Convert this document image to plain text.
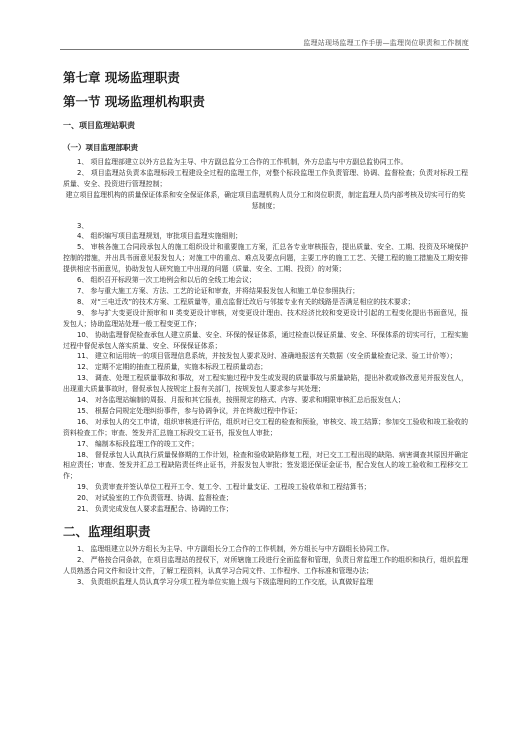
监理站现场监理工作手册—监理岗位职责和工作制度
第七章 现场监理职责
第一节 现场监理机构职责
一、项目监理站职责
（一）项目监理部职责

1、 项目监理部建立以外方总监为主导、中方副总监分工合作的工作机制，外方总监与中方副总监协同工作。

2、 项目监理站负责本监理标段工程建设全过程的监理工作，对整个标段监理工作负责管理、协调、监督检查；负责对标段工程质量、安全、投资进行管理控制；

建立项目监理机构的质量保证体系和安全保证体系，确定项目监理机构人员分工和岗位职责，制定监理人员内部考核及切实可行的奖惩制度；

3、

4、 组织编写项目监理规划，审批项目监理实施细则；

5、 审核各施工合同段承包人的施工组织设计和重要施工方案，汇总各专业审核报告，提出质量、安全、工期、投资及环境保护控制的措施，并出具书面意见报发包人；对施工中的重点、难点及要点问题，主要工序的施工工艺、关键工程的施工措施及工期安排提供相应书面意见，协助发包人研究施工中出现的问题（质量、安全、工期、投资）的对策；

6、 组织召开标段第一次工地例会和以后的全线工地会议；

7、 参与重大施工方案、方法、工艺的论证和审查，并将结果报发包人和施工单位参照执行；

8、 对“三电迁改”的技术方案、工程质量等，重点监督迁改后与邻接专业有关的线路是否满足相应的技术要求；

9、 参与扩大变更设计预审和 II 类变更设计审核，对变更设计理由、技术经济比较和变更设计引起的工程变化提出书面意见，报发包人；协助监理站处理一般工程变更工作；

10、 协助监理督促检查承包人建立质量、安全、环保的保证体系，通过检查以保证质量、安全、环保体系的切实可行，工程实施过程中督促承包人落实质量、安全、环保保证体系；

11、 建立和运用统一的项目管理信息系统，并按发包人要求及时、准确地报送有关数据（安全质量检查记录、验工计价等）；

12、 定期不定期的抽查工程质量，实施本标段工程质量动态；

13、 调查、处理工程质量事故和事故，对工程实施过程中发生或发现的质量事故与质量缺陷，提出补救或修改意见并报发包人，出现重大质量事故时，督促承包人按规定上报有关部门，按规发包人要求参与其处理；

14、 对各监理站编制的周报、月报和其它报表，按照规定的格式、内容、要求和期限审核汇总后报发包人；

15、 根据合同规定处理纠纷事件，参与协调争议，并在终裁过程中作证；

16、 对承包人的交工申请，组织审核进行评估，组织对已交工程的检查和预验，审核交、竣工结算；参加交工验收和竣工验收的资料检查工作；审查、签发并汇总施工标段交工证书，报发包人审批；

17、 编制本标段监理工作的竣工文件；

18、 督促承包人认真执行质量保修期的工作计划，检查和验收缺陷修复工程，对已交工工程出现的缺陷、病害调查其原因并确定相应责任；审查、签发并汇总工程缺陷责任终止证书，并报发包人审批；签发退还保证金证书，配合发包人的竣工验收和工程移交工作；

19、 负责审查并签认单位工程开工令、复工令、工程计量支证、工程竣工验收单和工程结算书；

20、 对试验室的工作负责管理、协调、监督检查；

21、 负责完成发包人要求监理配合、协调的工作；

二、监理组职责

1、 监理组建立以外方组长为主导、中方副组长分工合作的工作机制，外方组长与中方副组长协同工作。

2、 严格按合同条款，在项目监理站的授权下，对所辖施工段进行全面监督和管理，负责日常监理工作的组织和执行，组织监理人员熟悉合同文件和设计文件，了解工程资料，认真学习合同文件、工作程序、工作标准和管理办法；

3、 负责组织监理人员认真学习分项工程为单位实施上级与下级监理间的工作交底，认真做好监理
